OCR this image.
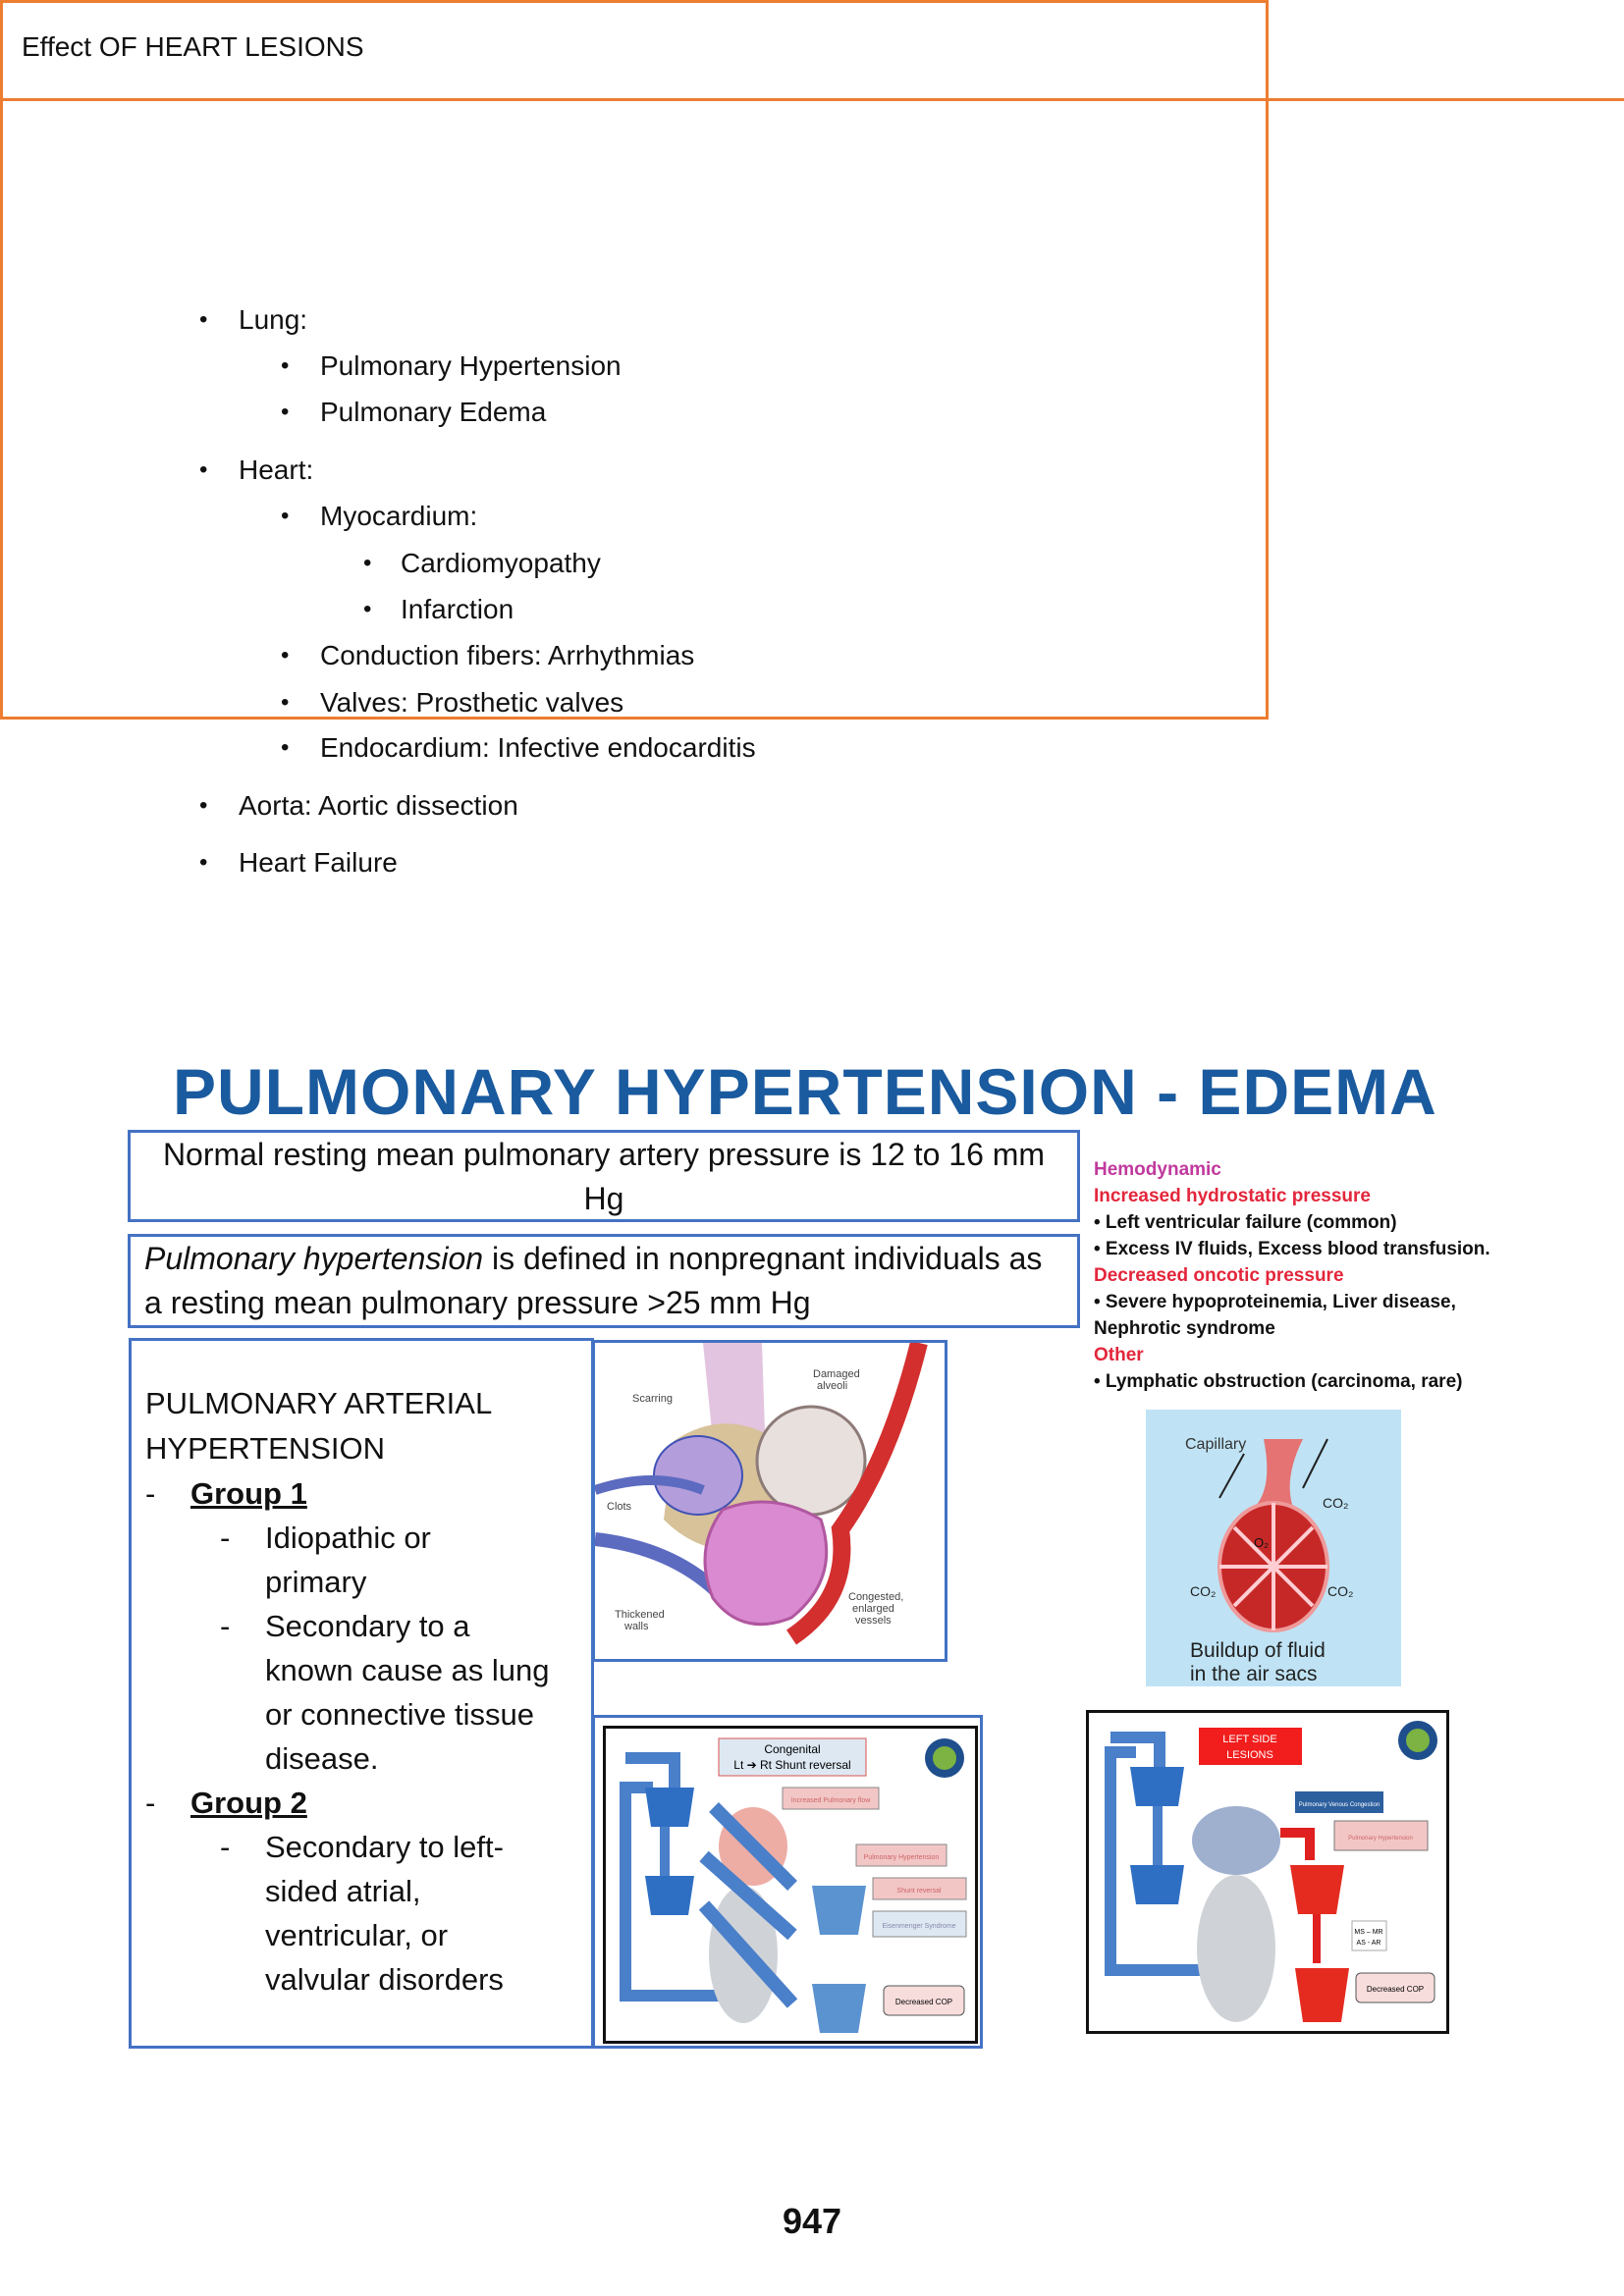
Effect OF HEART LESIONS
• Lung:
• Pulmonary Hypertension
• Pulmonary Edema
• Heart:
• Myocardium:
• Cardiomyopathy
• Infarction
• Conduction fibers: Arrhythmias
• Valves: Prosthetic valves
• Endocardium: Infective endocarditis
• Aorta: Aortic dissection
• Heart Failure
PULMONARY HYPERTENSION - EDEMA
Normal resting mean pulmonary artery pressure is 12 to 16 mm Hg
Pulmonary hypertension is defined in nonpregnant individuals as a resting mean pulmonary pressure >25 mm Hg
PULMONARY ARTERIAL
HYPERTENSION
- Group 1
- Idiopathic or
primary
- Secondary to a
known cause as lung
or connective tissue
disease.
- Group 2
- Secondary to left-
sided atrial,
ventricular, or
valvular disorders
Scarring
Damaged
alveoli
Clots
Thickened
walls
Congested,
enlarged
vessels
Hemodynamic
Increased hydrostatic pressure
• Left ventricular failure (common)
• Excess IV fluids, Excess blood transfusion.
Decreased oncotic pressure
• Severe hypoproteinemia, Liver disease,
Nephrotic syndrome
Other
• Lymphatic obstruction (carcinoma, rare)
Capillary
CO₂
CO₂	CO₂
O₂
Buildup of fluid
in the air sacs
Congenital
Lt ➔ Rt Shunt reversal
Increased Pulmonary flow
Pulmonary Hypertension
Shunt reversal
Eisenmenger Syndrome
Decreased COP
LEFT SIDE
LESIONS
Pulmonary Venous Congestion
Pulmonary Hypertension
MS – MR
AS - AR
Decreased COP
947
